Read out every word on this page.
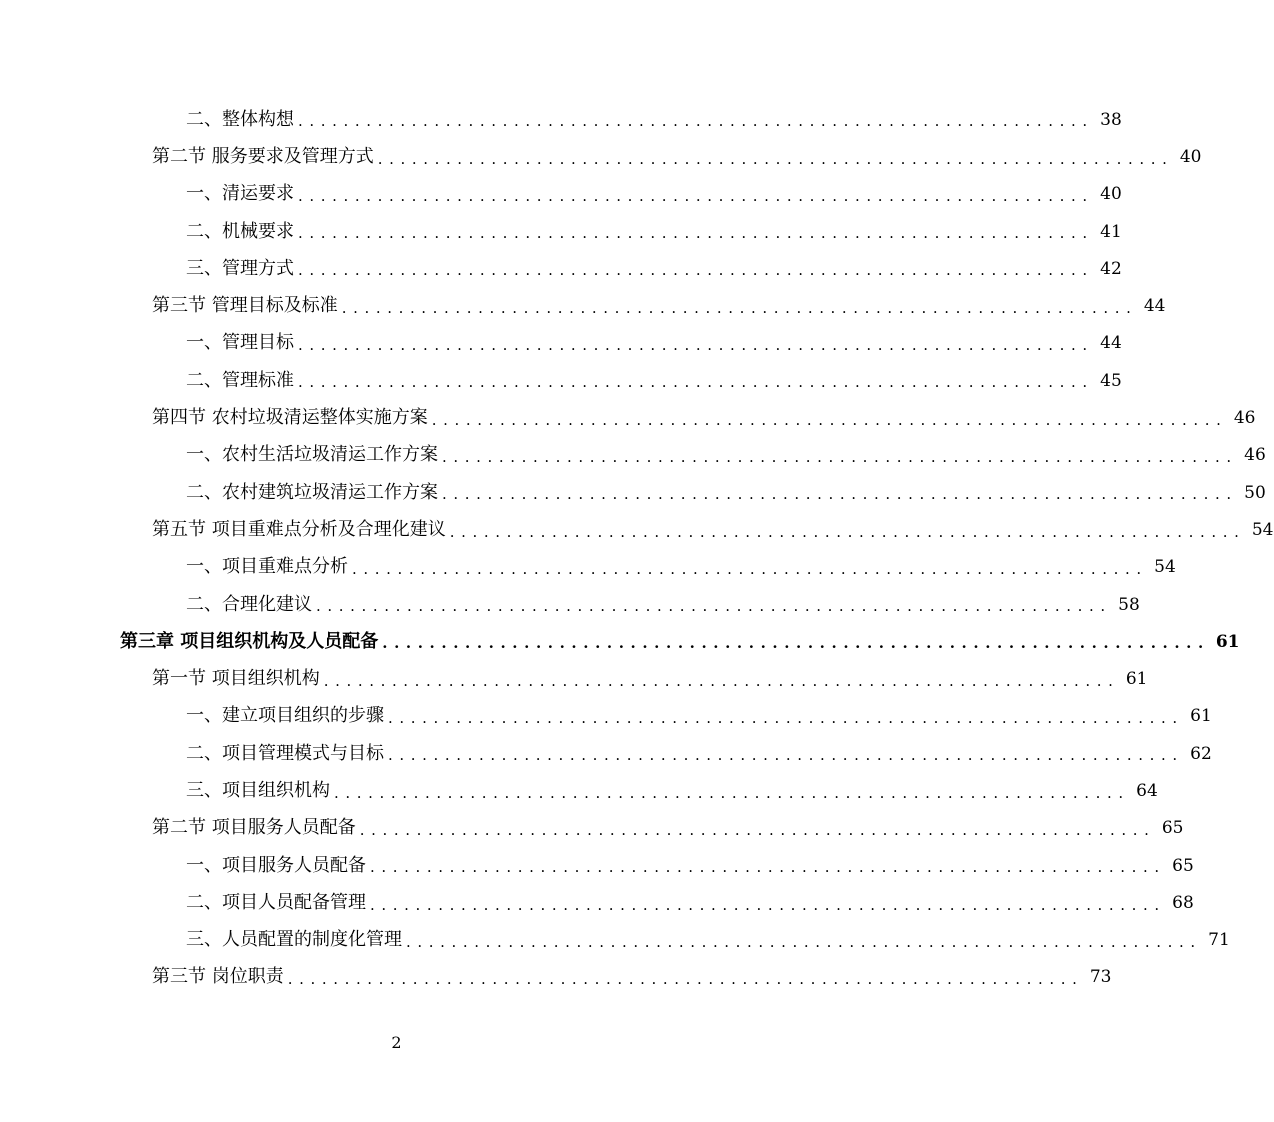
二、整体构想 ...................................................................... 38
第二节 服务要求及管理方式 ...................................................................... 40
一、清运要求 ...................................................................... 40
二、机械要求 ...................................................................... 41
三、管理方式 ...................................................................... 42
第三节 管理目标及标准 ...................................................................... 44
一、管理目标 ...................................................................... 44
二、管理标准 ...................................................................... 45
第四节 农村垃圾清运整体实施方案 ...................................................................... 46
一、农村生活垃圾清运工作方案 ...................................................................... 46
二、农村建筑垃圾清运工作方案 ...................................................................... 50
第五节 项目重难点分析及合理化建议 ...................................................................... 54
一、项目重难点分析 ...................................................................... 54
二、合理化建议 ...................................................................... 58
第三章 项目组织机构及人员配备 ...................................................................... 61
第一节 项目组织机构 ...................................................................... 61
一、建立项目组织的步骤 ...................................................................... 61
二、项目管理模式与目标 ...................................................................... 62
三、项目组织机构 ...................................................................... 64
第二节 项目服务人员配备 ...................................................................... 65
一、项目服务人员配备 ...................................................................... 65
二、项目人员配备管理 ...................................................................... 68
三、人员配置的制度化管理 ...................................................................... 71
第三节 岗位职责 ...................................................................... 73
2
